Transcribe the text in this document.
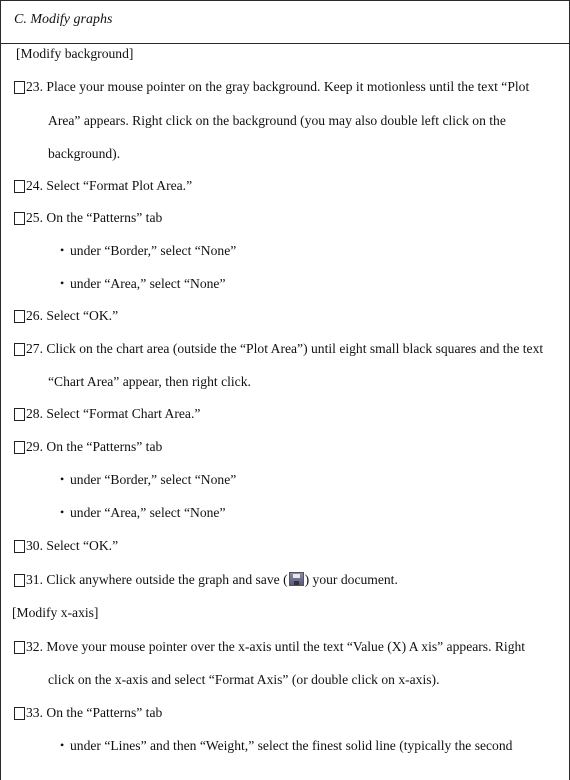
C. Modify graphs
[Modify background]
23. Place your mouse pointer on the gray background. Keep it motionless until the text “Plot
Area” appears. Right click on the background (you may also double left click on the
background).
24. Select “Format Plot Area.”
25. On the “Patterns” tab
• under “Border,” select “None”
• under “Area,” select “None”
26. Select “OK.”
27. Click on the chart area (outside the “Plot Area”) until eight small black squares and the text
“Chart Area” appear, then right click.
28. Select “Format Chart Area.”
29. On the “Patterns” tab
• under “Border,” select “None”
• under “Area,” select “None”
30. Select “OK.”
31. Click anywhere outside the graph and save ( ) your document.
[Modify x-axis]
32. Move your mouse pointer over the x-axis until the text “Value (X) A xis” appears. Right
click on the x-axis and select “Format Axis” (or double click on x-axis).
33. On the “Patterns” tab
• under “Lines” and then “Weight,” select the finest solid line (typically the second
